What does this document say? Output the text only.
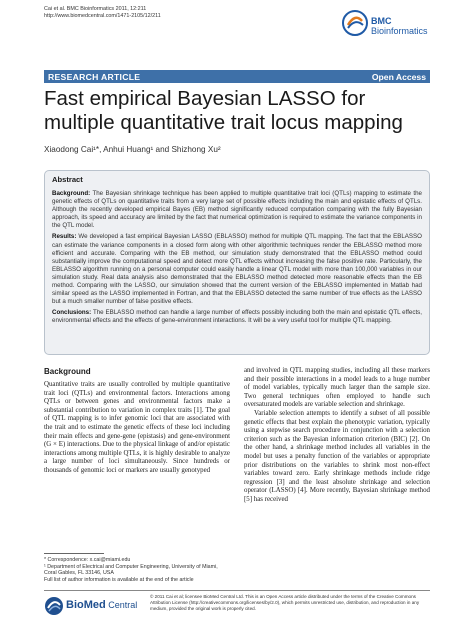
Cai et al. BMC Bioinformatics 2011, 12:211
http://www.biomedcentral.com/1471-2105/12/211	BMC
Bioinformatics
RESEARCH ARTICLE	Open Access
Fast empirical Bayesian LASSO for multiple quantitative trait locus mapping
Xiaodong Cai¹*, Anhui Huang¹ and Shizhong Xu²
Abstract

Background: The Bayesian shrinkage technique has been applied to multiple quantitative trait loci (QTLs) mapping to estimate the genetic effects of QTLs on quantitative traits from a very large set of possible effects including the main and epistatic effects of QTLs. Although the recently developed empirical Bayes (EB) method significantly reduced computation comparing with the fully Bayesian approach, its speed and accuracy are limited by the fact that numerical optimization is required to estimate the variance components in the QTL model.

Results: We developed a fast empirical Bayesian LASSO (EBLASSO) method for multiple QTL mapping. The fact that the EBLASSO can estimate the variance components in a closed form along with other algorithmic techniques render the EBLASSO method more efficient and accurate. Comparing with the EB method, our simulation study demonstrated that the EBLASSO method could substantially improve the computational speed and detect more QTL effects without increasing the false positive rate. Particularly, the EBLASSO algorithm running on a personal computer could easily handle a linear QTL model with more than 100,000 variables in our simulation study. Real data analysis also demonstrated that the EBLASSO method detected more reasonable effects than the EB method. Comparing with the LASSO, our simulation showed that the current version of the EBLASSO implemented in Matlab had similar speed as the LASSO implemented in Fortran, and that the EBLASSO detected the same number of true effects as the LASSO but a much smaller number of false positive effects.

Conclusions: The EBLASSO method can handle a large number of effects possibly including both the main and epistatic QTL effects, environmental effects and the effects of gene-environment interactions. It will be a very useful tool for multiple QTL mapping.

Background

Quantitative traits are usually controlled by multiple quantitative trait loci (QTLs) and environmental factors. Interactions among QTLs or between genes and environmental factors make a substantial contribution to variation in complex traits [1]. The goal of QTL mapping is to infer genomic loci that are associated with the trait and to estimate the genetic effects of these loci including their main effects and gene-gene (epistasis) and gene-environment (G × E) interactions. Due to the physical linkage of and/or epistatic interactions among multiple QTLs, it is highly desirable to analyze a large number of loci simultaneously. Since hundreds or thousands of genomic loci or markers are usually genotyped

and involved in QTL mapping studies, including all these markers and their possible interactions in a model leads to a huge number of model variables, typically much larger than the sample size. Two general techniques often employed to handle such oversaturated models are variable selection and shrinkage.

Variable selection attempts to identify a subset of all possible genetic effects that best explain the phenotypic variation, typically using a stepwise search procedure in conjunction with a selection criterion such as the Bayesian information criterion (BIC) [2]. On the other hand, a shrinkage method includes all variables in the model but uses a penalty function of the variables or appropriate prior distributions on the variables to shrink most non-effect variables toward zero. Early shrinkage methods include ridge regression [3] and the least absolute shrinkage and selection operator (LASSO) [4]. More recently, Bayesian shrinkage method [5] has received

* Correspondence: x.cai@miami.edu
¹ Department of Electrical and Computer Engineering, University of Miami, Coral Gables, FL 33146, USA
Full list of author information is available at the end of the article
BioMed Central
© 2011 Cai et al; licensee BioMed Central Ltd. This is an Open Access article distributed under the terms of the Creative Commons Attribution License (http://creativecommons.org/licenses/by/2.0), which permits unrestricted use, distribution, and reproduction in any medium, provided the original work is properly cited.
